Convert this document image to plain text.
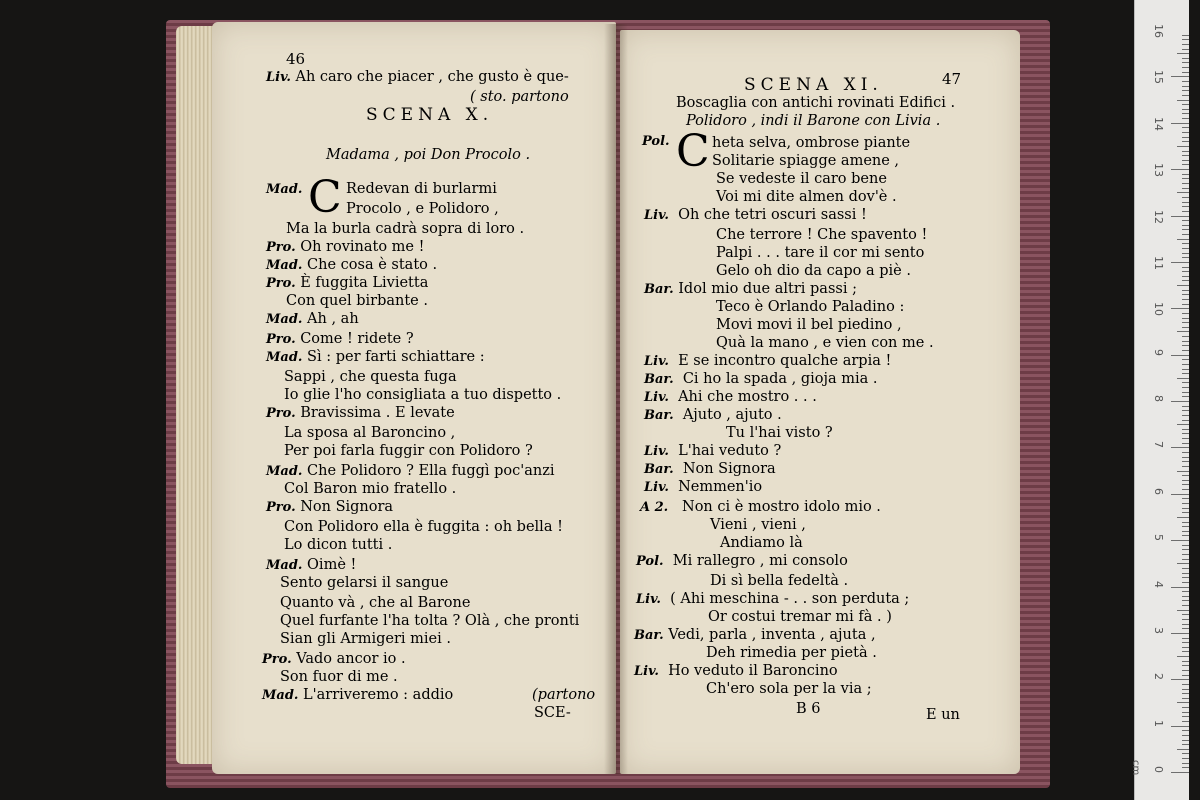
46
Liv. Ah caro che piacer , che gusto è que-
( sto. partono
SCENA X.
Madama , poi Don Procolo .
C
Mad.	Redevan di burlarmi
Procolo , e Polidoro ,
Ma la burla cadrà sopra di loro .
Pro. Oh rovinato me !
Mad. Che cosa è stato .
Pro. È fuggita Livietta
Con quel birbante .
Mad. Ah , ah
Pro. Come ! ridete ?
Mad. Sì : per farti schiattare :
Sappi , che questa fuga
Io glie l'ho consigliata a tuo dispetto .
Pro. Bravissima . E levate
La sposa al Baroncino ,
Per poi farla fuggir con Polidoro ?
Mad. Che Polidoro ? Ella fuggì poc'anzi
Col Baron mio fratello .
Pro. Non Signora
Con Polidoro ella è fuggita : oh bella !
Lo dicon tutti .
Mad. Oimè !
Sento gelarsi il sangue
Quanto và , che al Barone
Quel furfante l'ha tolta ? Olà , che pronti
Sian gli Armigeri miei .
Pro. Vado ancor io .
Son fuor di me .
Mad. L'arriveremo : addio	(partono
SCE-
47
SCENA XI.
Boscaglia con antichi rovinati Edifici .
Polidoro , indi il Barone con Livia .
C
Pol.	heta selva, ombrose piante
Solitarie spiagge amene ,
Se vedeste il caro bene
Voi mi dite almen dov'è .
Liv. Oh che tetri oscuri sassi !
Che terrore ! Che spavento !
Palpi . . . tare il cor mi sento
Gelo oh dio da capo a piè .
Bar. Idol mio due altri passi ;
Teco è Orlando Paladino :
Movi movi il bel piedino ,
Quà la mano , e vien con me .
Liv. E se incontro qualche arpia !
Bar. Ci ho la spada , gioja mia .
Liv. Ahi che mostro . . .
Bar. Ajuto , ajuto .
Tu l'hai visto ?
Liv. L'hai veduto ?
Bar. Non Signora
Liv. Nemmen'io
A 2. Non ci è mostro idolo mio .
Vieni , vieni ,
Andiamo là
Pol. Mi rallegro , mi consolo
Di sì bella fedeltà .
Liv. ( Ahi meschina - . . son perduta ;
Or costui tremar mi fà . )
Bar. Vedi, parla , inventa , ajuta ,
Deh rimedia per pietà .
Liv. Ho veduto il Baroncino
Ch'ero sola per la via ;
B 6	E un
cm 0
1
2
3
4
5
6
7
8
9
10
11
12
13
14
15
16
